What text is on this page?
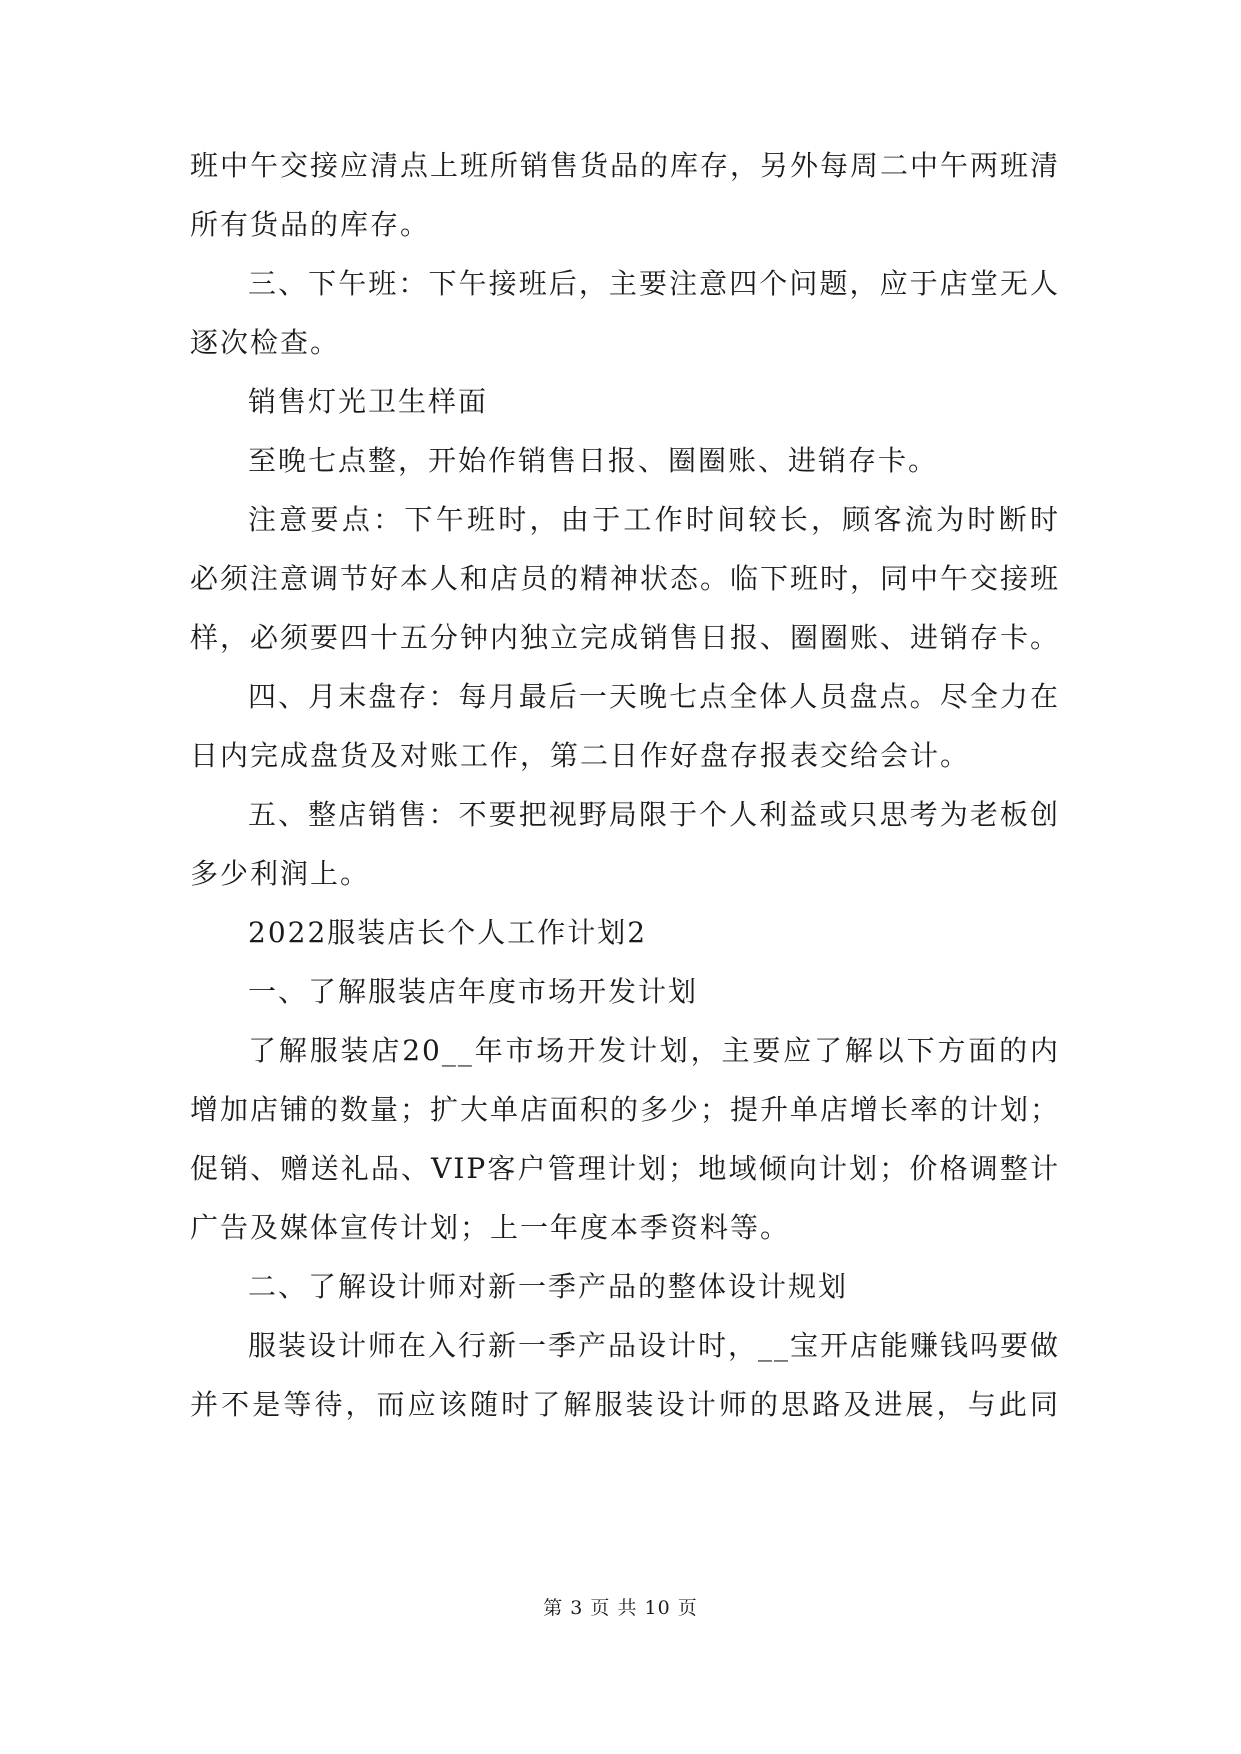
班中午交接应清点上班所销售货品的库存，另外每周二中午两班清
所有货品的库存。
三、下午班：下午接班后，主要注意四个问题，应于店堂无人
逐次检查。
销售灯光卫生样面
至晚七点整，开始作销售日报、圈圈账、进销存卡。
注意要点：下午班时，由于工作时间较长，顾客流为时断时
必须注意调节好本人和店员的精神状态。临下班时，同中午交接班
样，必须要四十五分钟内独立完成销售日报、圈圈账、进销存卡。
四、月末盘存：每月最后一天晚七点全体人员盘点。尽全力在
日内完成盘货及对账工作，第二日作好盘存报表交给会计。
五、整店销售：不要把视野局限于个人利益或只思考为老板创
多少利润上。
2022服装店长个人工作计划2
一、了解服装店年度市场开发计划
了解服装店20__年市场开发计划，主要应了解以下方面的内
增加店铺的数量；扩大单店面积的多少；提升单店增长率的计划；
促销、赠送礼品、VIP客户管理计划；地域倾向计划；价格调整计
广告及媒体宣传计划；上一年度本季资料等。
二、了解设计师对新一季产品的整体设计规划
服装设计师在入行新一季产品设计时，__宝开店能赚钱吗要做
并不是等待，而应该随时了解服装设计师的思路及进展，与此同
第 3 页 共 10 页
